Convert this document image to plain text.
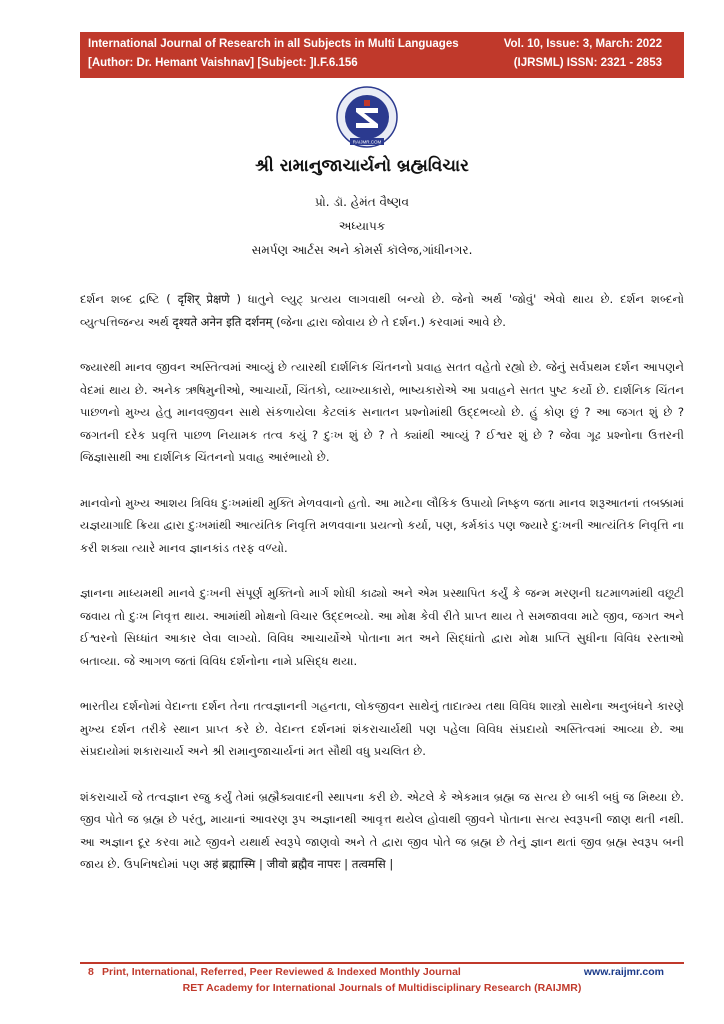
International Journal of Research in all Subjects in Multi Languages
[Author: Dr. Hemant Vaishnav] [Subject: ]I.F.6.156
Vol. 10, Issue: 3, March: 2022
(IJRSML) ISSN: 2321 - 2853
RAIJMR.COM
શ્રી રામાનુજાચાર્યનો બ્રહ્મવિચાર
પ્રો. ડૉ. હેમંત વૈષ્ણવ
અધ્યાપક
સમર્પણ આર્ટસ અને કોમર્સ કૉલેજ,ગાંધીનગર.

દર્શન શબ્દ દ્રષ્ટિ ( दृशिर् प्रेक्षणे ) ધાતુને લ્યુટ્ પ્રત્યય લાગવાથી બન્યો છે. જેનો અર્થ 'જોવું' એવો થાય છે. દર્શન શબ્દનો વ્યુત્પત્તિજન્ય અર્થ दृश्यते अनेन इति दर्शनम् (જેના દ્વારા જોવાય છે તે દર્શન.) કરવામાં આવે છે.

જ્યારથી માનવ જીવન અસ્તિત્વમાં આવ્યું છે ત્યારથી દાર્શનિક ચિંતનનો પ્રવાહ સતત વહેતો રહ્યો છે. જેનું સર્વપ્રથમ દર્શન આપણને વેદમાં થાય છે. અનેક ઋષિમુનીઓ, આચાર્યો, ચિંતકો, વ્યાખ્યાકારો, ભાષ્યકારોએ આ પ્રવાહને સતત પુષ્ટ કર્યો છે. દાર્શનિક ચિંતન પાછળનો મુખ્ય હેતુ માનવજીવન સાથે સંકળાયેલા કેટલાંક સનાતન પ્રશ્નોમાંથી ઉદ્દભવ્યો છે. હું કોણ છું ? આ જગત શું છે ? જગતની દરેક પ્રવૃત્તિ પાછળ નિયામક તત્વ કયું ? દુઃખ શું છે ? તે ક્યાંથી આવ્યું ? ઈશ્વર શું છે ? જેવા ગૂઢ પ્રશ્નોના ઉત્તરની જિજ્ઞાસાથી આ દાર્શનિક ચિંતનનો પ્રવાહ આરંભાયો છે.

માનવોનો મુખ્ય આશય ત્રિવિધ દુઃખમાંથી મુક્તિ મેળવવાનો હતો. આ માટેના લૌકિક ઉપાયો નિષ્ફળ જતા માનવ શરૂઆતનાં તબક્કામાં યજ્ઞયાગાદિ ક્રિયા દ્વારા દુઃખમાંથી આત્યંતિક નિવૃત્તિ મળવવાના પ્રયત્નો કર્યા, પણ, કર્મકાંડ પણ જ્યારે દુઃખની આત્યંતિક નિવૃત્તિ ના કરી શક્યા ત્યારે માનવ જ્ઞાનકાંડ તરફ વળ્યો.

જ્ઞાનના માધ્યમથી માનવે દુઃખની સંપૂર્ણ મુક્તિનો માર્ગ શોધી કાઢ્યો અને એમ પ્રસ્થાપિત કર્યું કે જન્મ મરણની ઘટમાળમાંથી વછૂટી જવાય તો દુઃખ નિવૃત્ત થાય. આમાંથી મોક્ષનો વિચાર ઉદ્દભવ્યો. આ મોક્ષ કેવી રીતે પ્રાપ્ત થાય તે સમજાવવા માટે જીવ, જગત અને ઈશ્વરનો સિધ્ધાંત આકાર લેવા લાગ્યો. વિવિધ આચાર્યોએ પોતાના મત અને સિદ્ધાંતો દ્વારા મોક્ષ પ્રાપ્તિ સુધીના વિવિધ રસ્તાઓ બતાવ્યા. જે આગળ જતાં વિવિધ દર્શનોના નામે પ્રસિદ્ધ થયા.

ભારતીય દર્શનોમાં વેદાન્તા દર્શન તેના તત્વજ્ઞાનની ગહનતા, લોકજીવન સાથેનું તાદાત્મ્ય તથા વિવિધ શાસ્ત્રો સાથેના અનુબંધને કારણે મુખ્ય દર્શન તરીકે સ્થાન પ્રાપ્ત કરે છે. વેદાન્ત દર્શનમાં શંકરાચાર્યથી પણ પહેલા વિવિધ સંપ્રદાયો અસ્તિત્વમાં આવ્યા છે. આ સંપ્રદાયોમાં શકારાચાર્ય અને શ્રી રામાનુજાચાર્યનાં મત સૌથી વધુ પ્રચલિત છે.

શંકરાચાર્યે જે તત્વજ્ઞાન રજુ કર્યું તેમાં બ્રહ્મૈક્યવાદની સ્થાપના કરી છે. એટલે કે એકમાત્ર બ્રહ્મ જ સત્ય છે બાકી બધું જ મિથ્યા છે. જીવ પોતે જ બ્રહ્મ છે પરંતુ, માયાનાં આવરણ રૂપ અજ્ઞાનથી આવૃત્ત થયેલ હોવાથી જીવને પોતાના સત્ય સ્વરૂપની જાણ થતી નથી. આ અજ્ઞાન દૂર કરવા માટે જીવને યથાર્થ સ્વરૂપે જાણવો અને તે દ્વારા જીવ પોતે જ બ્રહ્મ છે તેનું જ્ઞાન થતાં જીવ બ્રહ્મ સ્વરૂપ બની જાય છે. ઉપનિષદોમાં પણ अहं ब्रह्मास्मि | जीवो ब्रह्मैव नापरः | तत्वमसि |

8 Print, International, Referred, Peer Reviewed & Indexed Monthly Journal	www.raijmr.com
RET Academy for International Journals of Multidisciplinary Research (RAIJMR)
